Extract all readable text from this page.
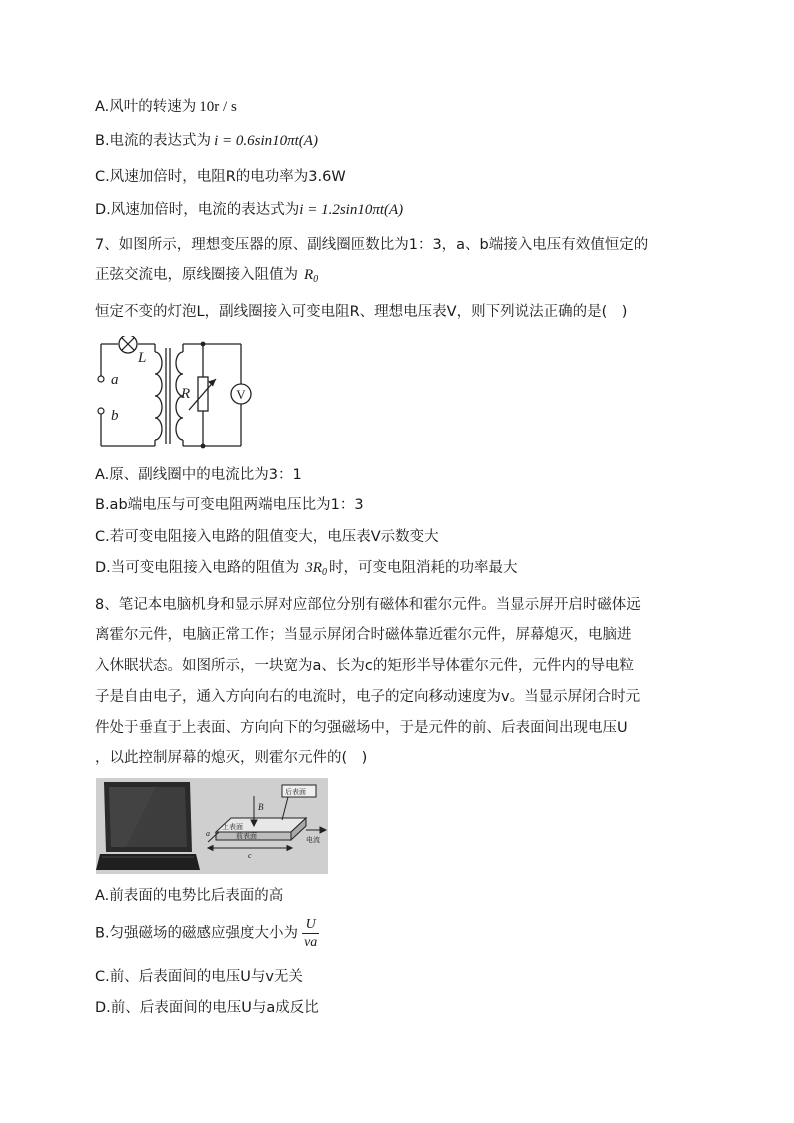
A.风叶的转速为 10r / s
B.电流的表达式为 i = 0.6sin10πt(A)
C.风速加倍时，电阻R的电功率为3.6W
D.风速加倍时，电流的表达式为i = 1.2sin10πt(A)
7、如图所示，理想变压器的原、副线圈匝数比为1：3，a、b端接入电压有效值恒定的
正弦交流电，原线圈接入阻值为 $R_0$
恒定不变的灯泡L，副线圈接入可变电阻R、理想电压表V，则下列说法正确的是(　)
a
b
L
R	V
A.原、副线圈中的电流比为3：1
B.ab端电压与可变电阻两端电压比为1：3
C.若可变电阻接入电路的阻值变大，电压表V示数变大
D.当可变电阻接入电路的阻值为 $3R_0$ 时，可变电阻消耗的功率最大
8、笔记本电脑机身和显示屏对应部位分别有磁体和霍尔元件。当显示屏开启时磁体远
离霍尔元件，电脑正常工作；当显示屏闭合时磁体靠近霍尔元件，屏幕熄灭，电脑进
入休眠状态。如图所示，一块宽为a、长为c的矩形半导体霍尔元件，元件内的导电粒
子是自由电子，通入方向向右的电流时，电子的定向移动速度为v。当显示屏闭合时元
件处于垂直于上表面、方向向下的匀强磁场中，于是元件的前、后表面间出现电压U
，以此控制屏幕的熄灭，则霍尔元件的(　)
B
后表面
上表面
前表面	电流
a
c
A.前表面的电势比后表面的高
B.匀强磁场的磁感应强度大小为 $\frac{U}{va}$
C.前、后表面间的电压U与v无关
D.前、后表面间的电压U与a成反比
